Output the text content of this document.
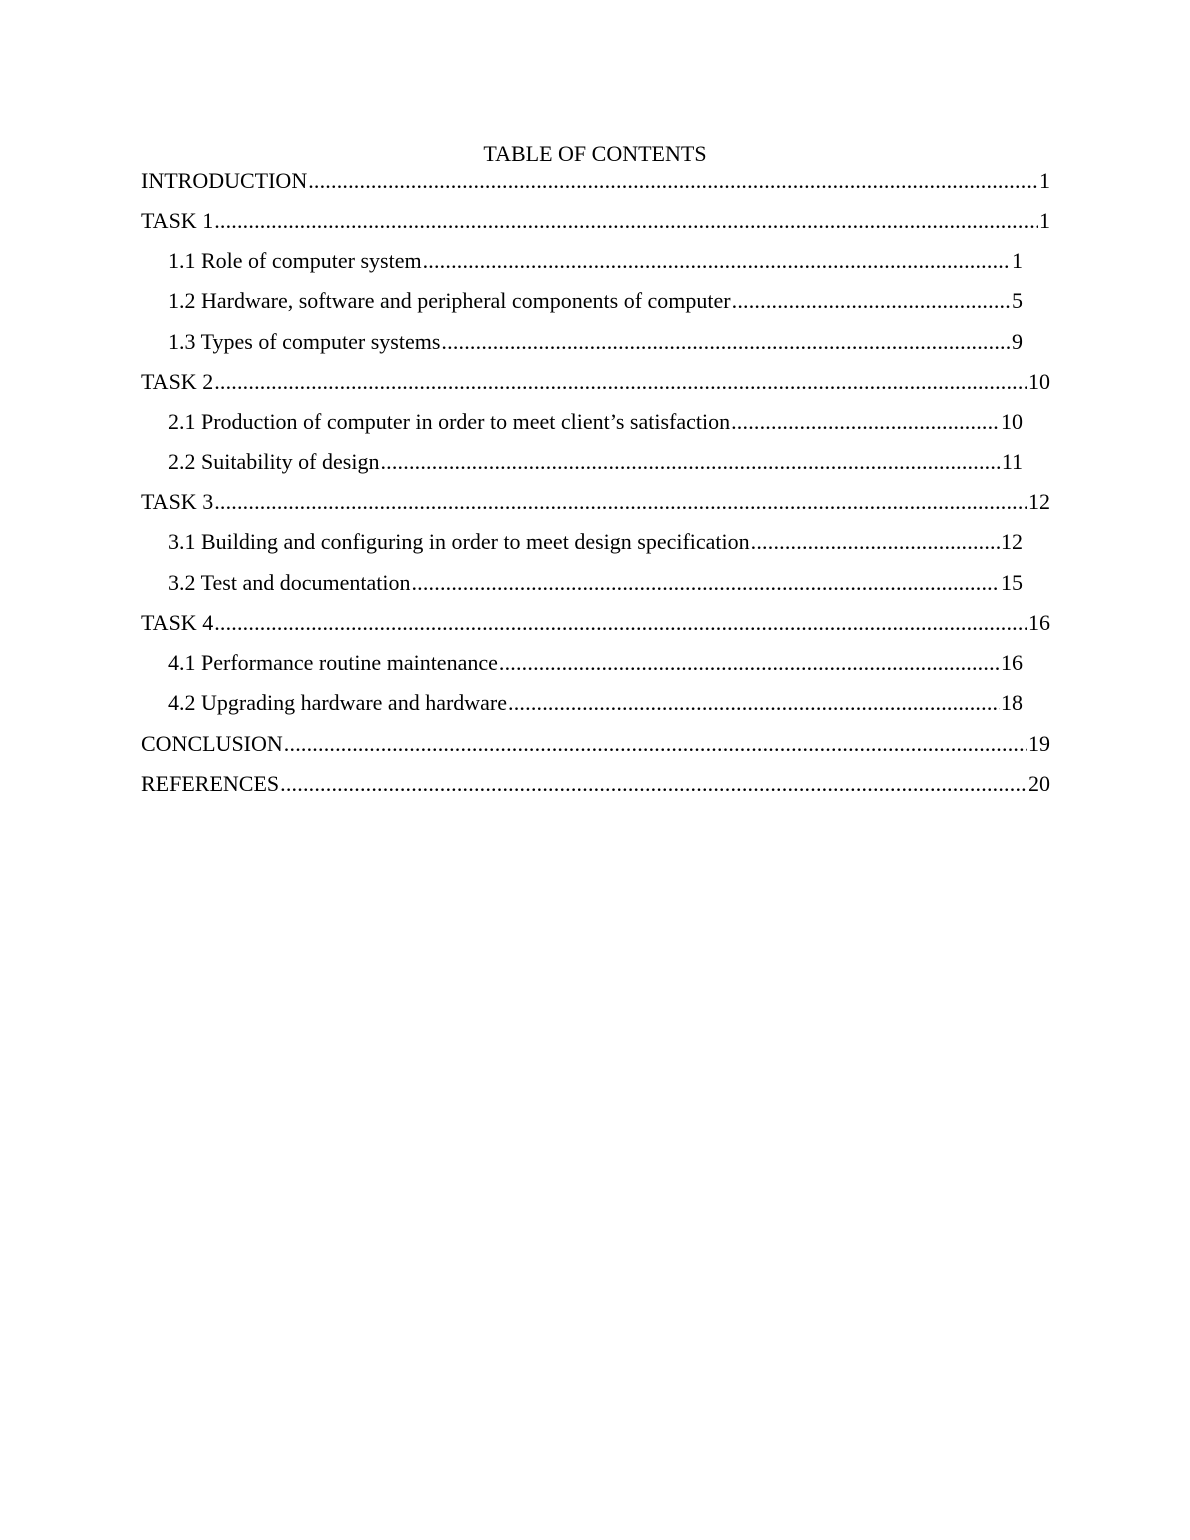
TABLE OF CONTENTS
INTRODUCTION .....	1
TASK 1 .....	1
1.1 Role of computer system .....	1
1.2 Hardware, software and peripheral components of computer .....	5
1.3 Types of computer systems .....	9
TASK 2 .....	10
2.1 Production of computer in order to meet client’s satisfaction .....	10
2.2 Suitability of design .....	11
TASK 3 .....	12
3.1 Building and configuring in order to meet design specification .....	12
3.2 Test and documentation .....	15
TASK 4 .....	16
4.1 Performance routine maintenance .....	16
4.2 Upgrading hardware and hardware .....	18
CONCLUSION .....	19
REFERENCES .....	20
